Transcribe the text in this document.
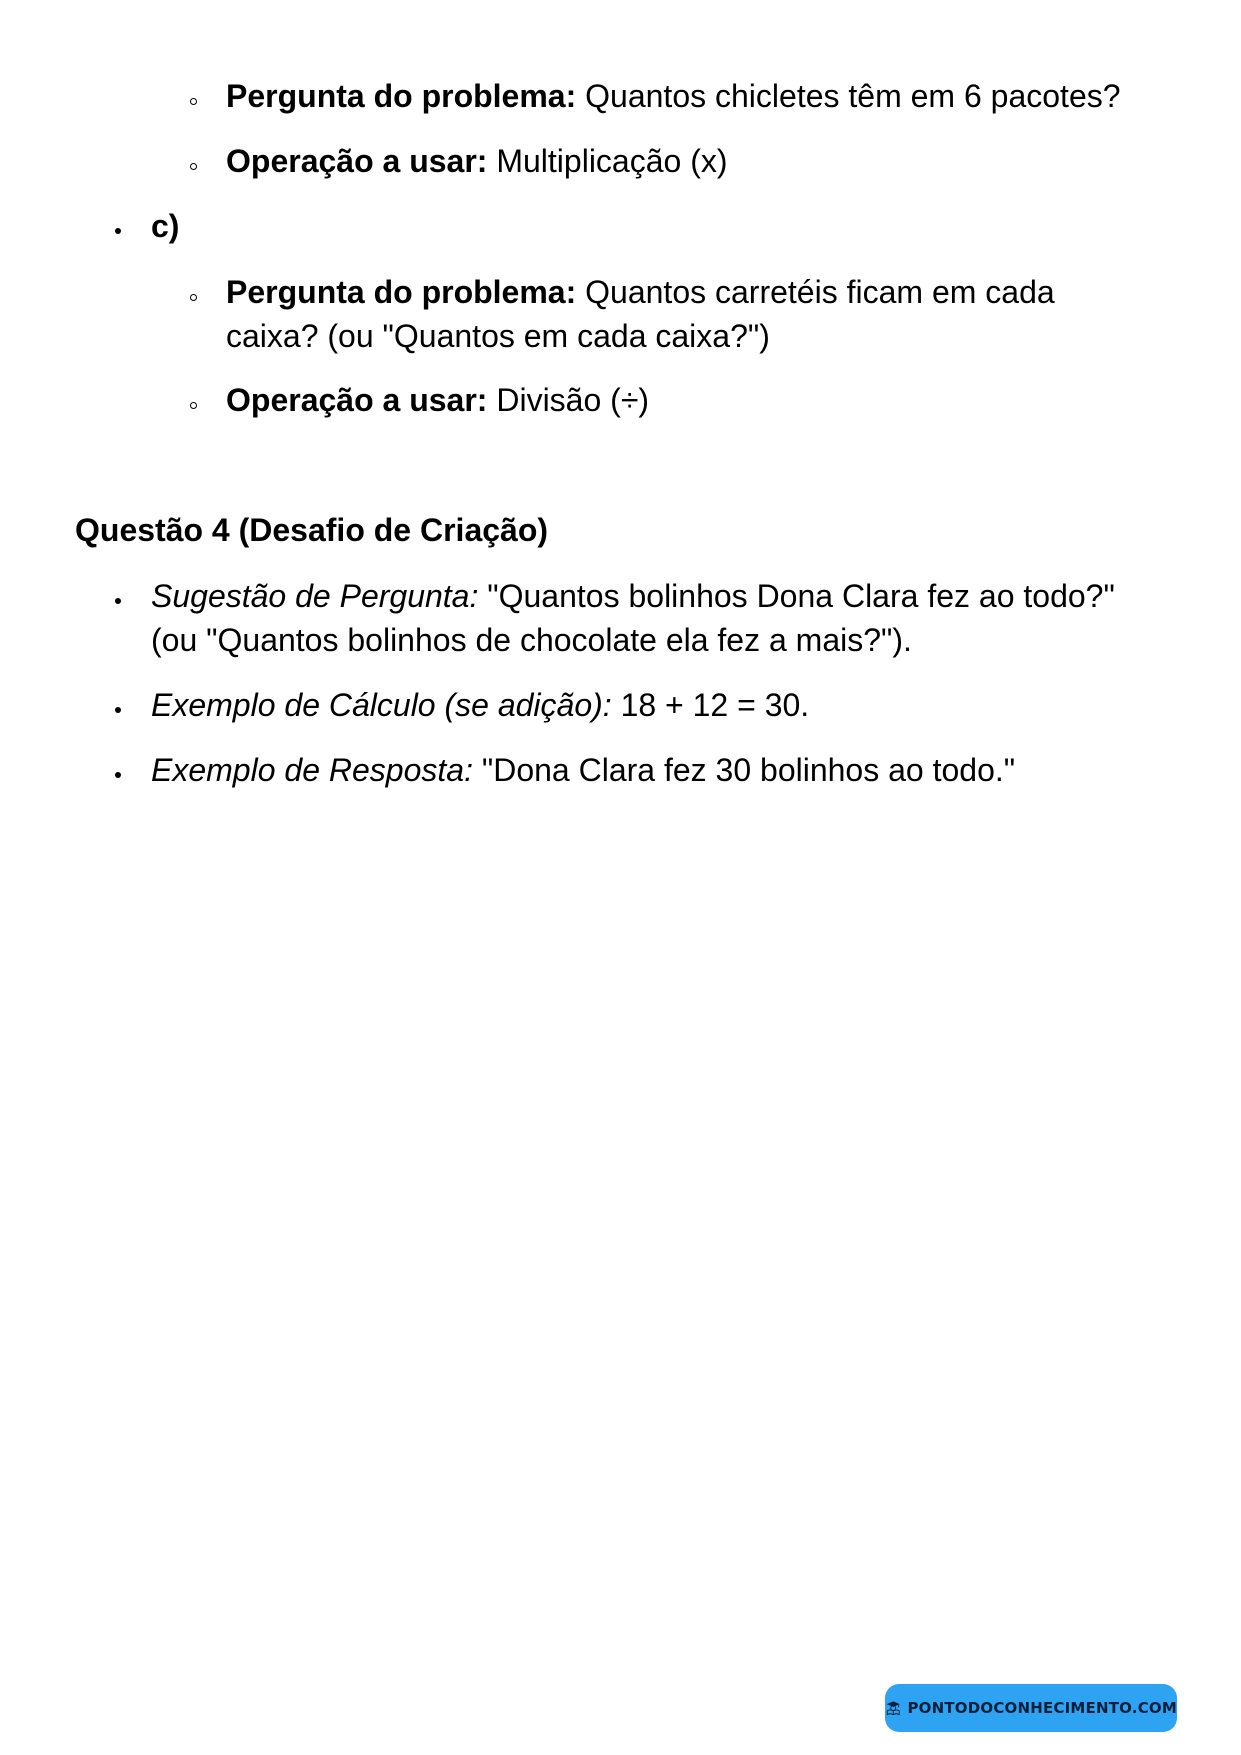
Pergunta do problema: Quantos chicletes têm em 6 pacotes?
Operação a usar: Multiplicação (x)
c)
Pergunta do problema: Quantos carretéis ficam em cada
caixa? (ou "Quantos em cada caixa?")
Operação a usar: Divisão (÷)
Questão 4 (Desafio de Criação)
Sugestão de Pergunta: "Quantos bolinhos Dona Clara fez ao todo?"
(ou "Quantos bolinhos de chocolate ela fez a mais?").
Exemplo de Cálculo (se adição): 18 + 12 = 30.
Exemplo de Resposta: "Dona Clara fez 30 bolinhos ao todo."
PONTODOCONHECIMENTO.COM
